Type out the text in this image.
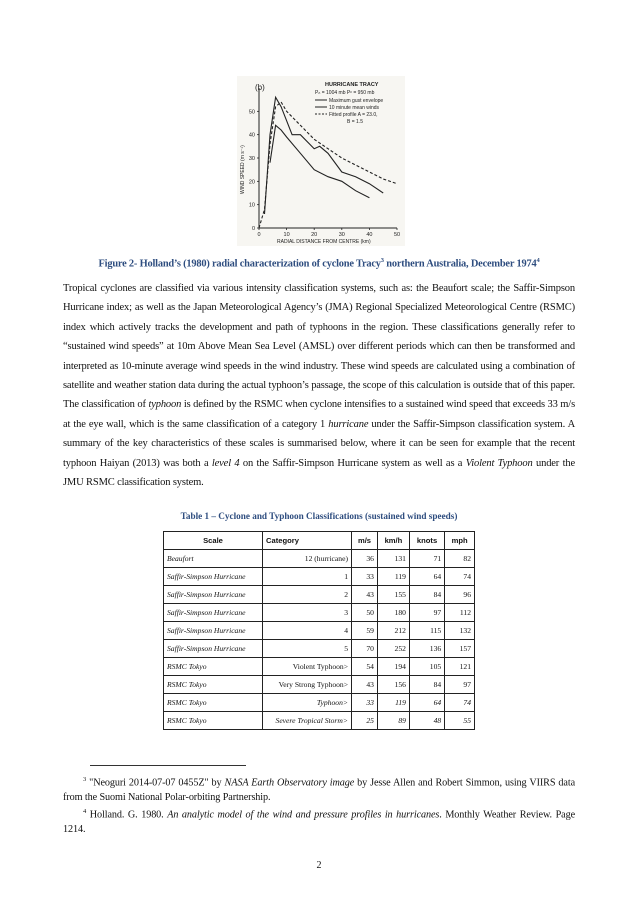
(b)
50
40
30
20
10
0
0	10	20	30	40	50
HURRICANE TRACY
Pₙ = 1004 mb Pᶜ = 950 mb
Maximum gust envelope
10 minute mean winds
Fitted profile A = 23.0,
B = 1.5
WIND SPEED (m s⁻¹)
RADIAL DISTANCE FROM CENTRE (km)
Figure 2- Holland’s (1980) radial characterization of cyclone Tracy$^3$ northern Australia, December 1974$^4$

Tropical cyclones are classified via various intensity classification systems, such as: the Beaufort scale; the Saffir-Simpson Hurricane index; as well as the Japan Meteorological Agency’s (JMA) Regional Specialized Meteorological Centre (RSMC) index which actively tracks the development and path of typhoons in the region. These classifications generally refer to “sustained wind speeds” at 10m Above Mean Sea Level (AMSL) over different periods which can then be transformed and interpreted as 10-minute average wind speeds in the wind industry. These wind speeds are calculated using a combination of satellite and weather station data during the actual typhoon’s passage, the scope of this calculation is outside that of this paper. The classification of typhoon is defined by the RSMC when cyclone intensifies to a sustained wind speed that exceeds 33 m/s at the eye wall, which is the same classification of a category 1 hurricane under the Saffir-Simpson classification system. A summary of the key characteristics of these scales is summarised below, where it can be seen for example that the recent typhoon Haiyan (2013) was both a level 4 on the Saffir-Simpson Hurricane system as well as a Violent Typhoon under the JMU RSMC classification system.

Table 1 – Cyclone and Typhoon Classifications (sustained wind speeds)
Scale	Category	m/s	km/h	knots	mph
Beaufort	12 (hurricane)	36	131	71	82
Saffir-Simpson Hurricane	1	33	119	64	74
Saffir-Simpson Hurricane	2	43	155	84	96
Saffir-Simpson Hurricane	3	50	180	97	112
Saffir-Simpson Hurricane	4	59	212	115	132
Saffir-Simpson Hurricane	5	70	252	136	157
RSMC Tokyo	Violent Typhoon>	54	194	105	121
RSMC Tokyo	Very Strong Typhoon>	43	156	84	97
RSMC Tokyo	Typhoon>	33	119	64	74
RSMC Tokyo	Severe Tropical Storm>	25	89	48	55
$^3$ "Neoguri 2014-07-07 0455Z" by NASA Earth Observatory image by Jesse Allen and Robert Simmon, using VIIRS data from the Suomi National Polar-orbiting Partnership.
$^4$ Holland. G. 1980. An analytic model of the wind and pressure profiles in hurricanes. Monthly Weather Review. Page 1214.
2
